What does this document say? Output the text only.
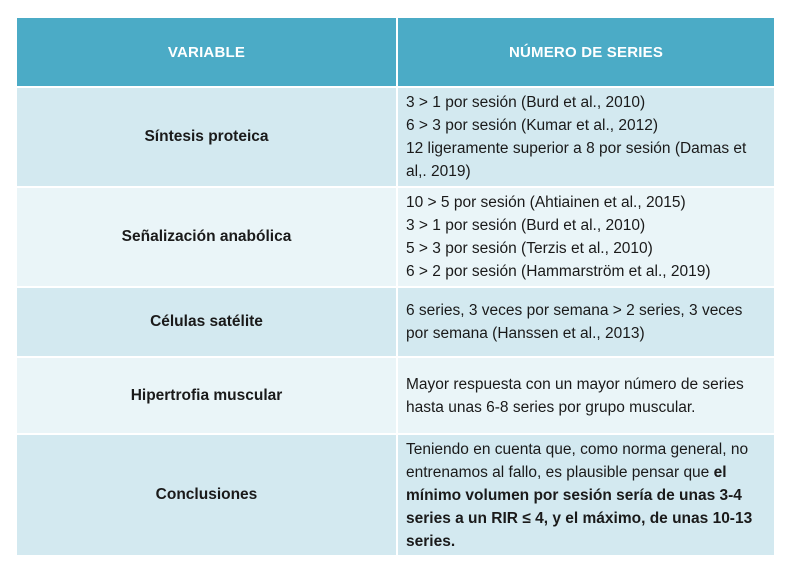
VARIABLE	NÚMERO DE SERIES
Síntesis proteica	3 > 1 por sesión (Burd et al., 2010)
6 > 3 por sesión (Kumar et al., 2012)
12 ligeramente superior a 8 por sesión (Damas et al,. 2019)

Señalización anabólica	10 > 5 por sesión (Ahtiainen et al., 2015)
3 > 1 por sesión (Burd et al., 2010)
5 > 3 por sesión (Terzis et al., 2010)
6 > 2 por sesión (Hammarström et al., 2019)

Células satélite	6 series, 3 veces por semana > 2 series, 3 veces por semana (Hanssen et al., 2013)
Hipertrofia muscular	Mayor respuesta con un mayor número de series hasta unas 6-8 series por grupo muscular.
Conclusiones	Teniendo en cuenta que, como norma general, no entrenamos al fallo, es plausible pensar que el mínimo volumen por sesión sería de unas 3-4 series a un RIR ≤ 4, y el máximo, de unas 10-13 series.
